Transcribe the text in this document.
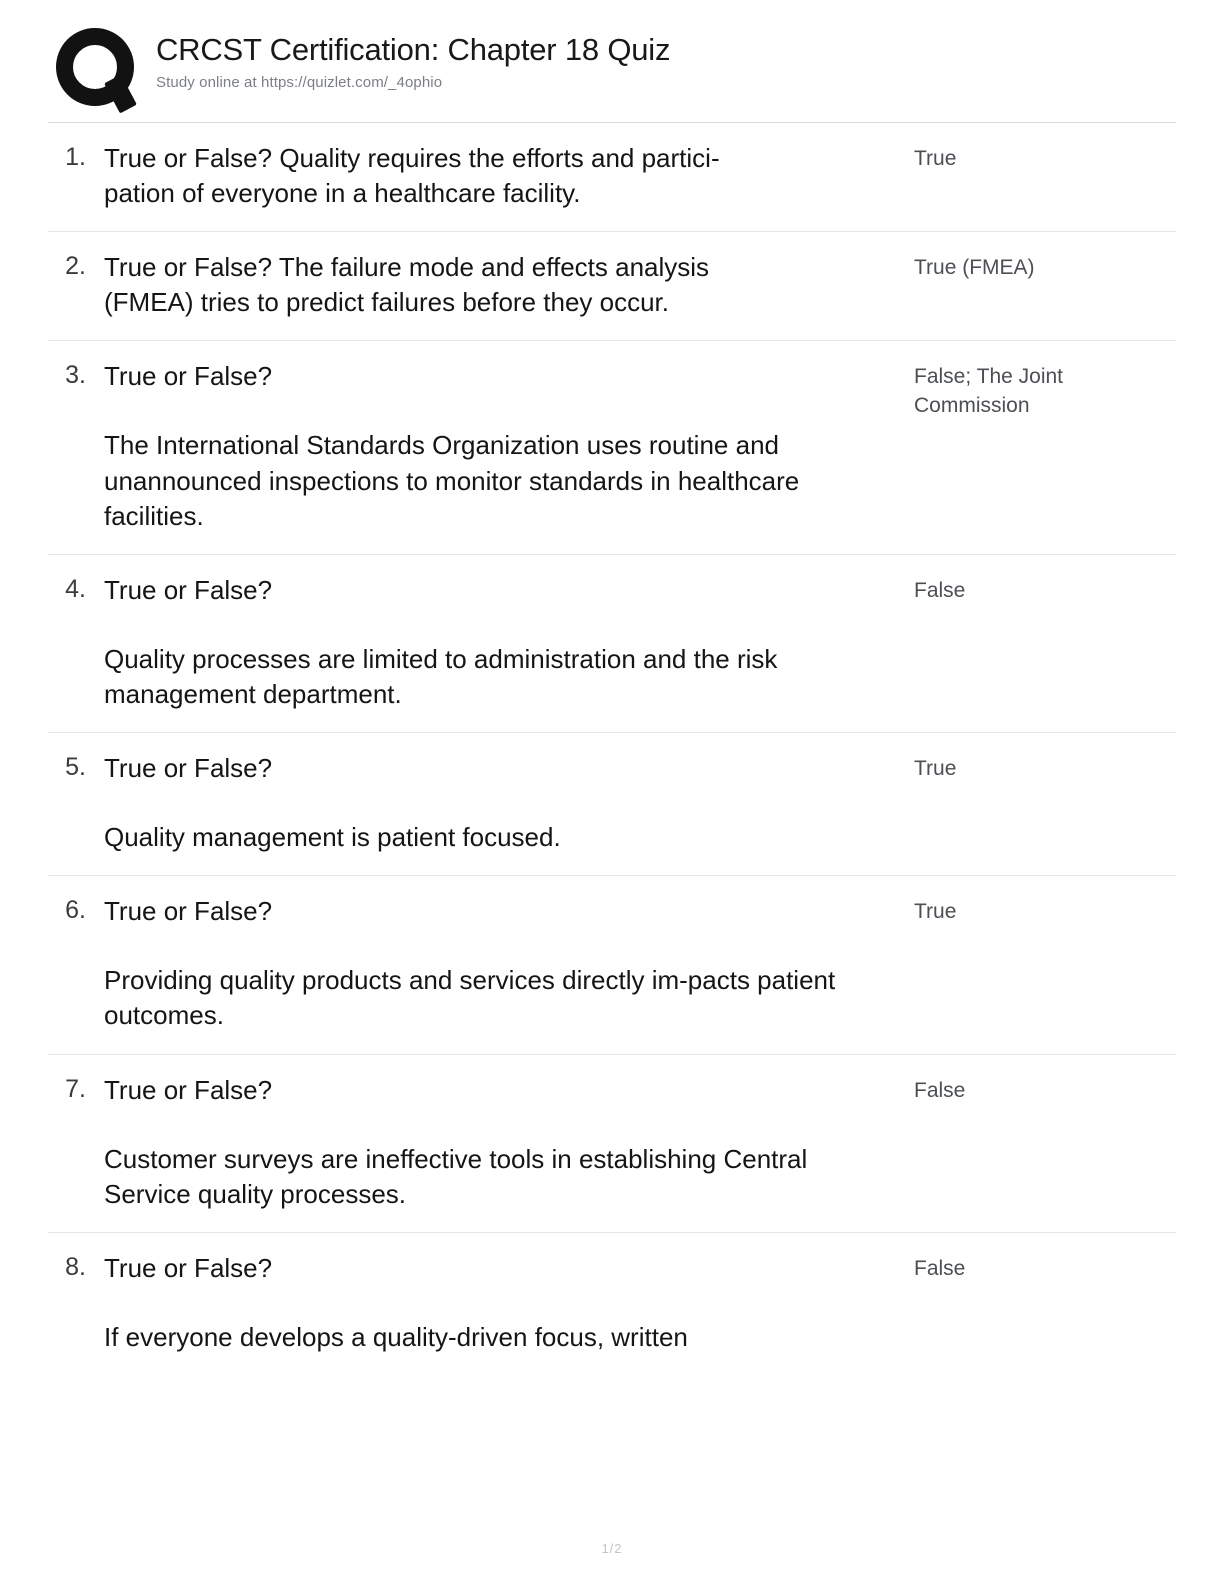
CRCST Certification: Chapter 18 Quiz
Study online at https://quizlet.com/_4ophio
1. True or False? Quality requires the efforts and partici-
pation of everyone in a healthcare facility.
True
2. True or False? The failure mode and effects analysis
(FMEA) tries to predict failures before they occur.
True (FMEA)
3. True or False?
The International Standards Organization uses routine and unannounced inspections to monitor standards in healthcare facilities.
False; The Joint Commission
4. True or False?
Quality processes are limited to administration and the risk management department.
False
5. True or False?
Quality management is patient focused.
True
6. True or False?
Providing quality products and services directly im-pacts patient outcomes.
True
7. True or False?
Customer surveys are ineffective tools in establishing Central Service quality processes.
False
8. True or False?
If everyone develops a quality-driven focus, written
False
1/2
